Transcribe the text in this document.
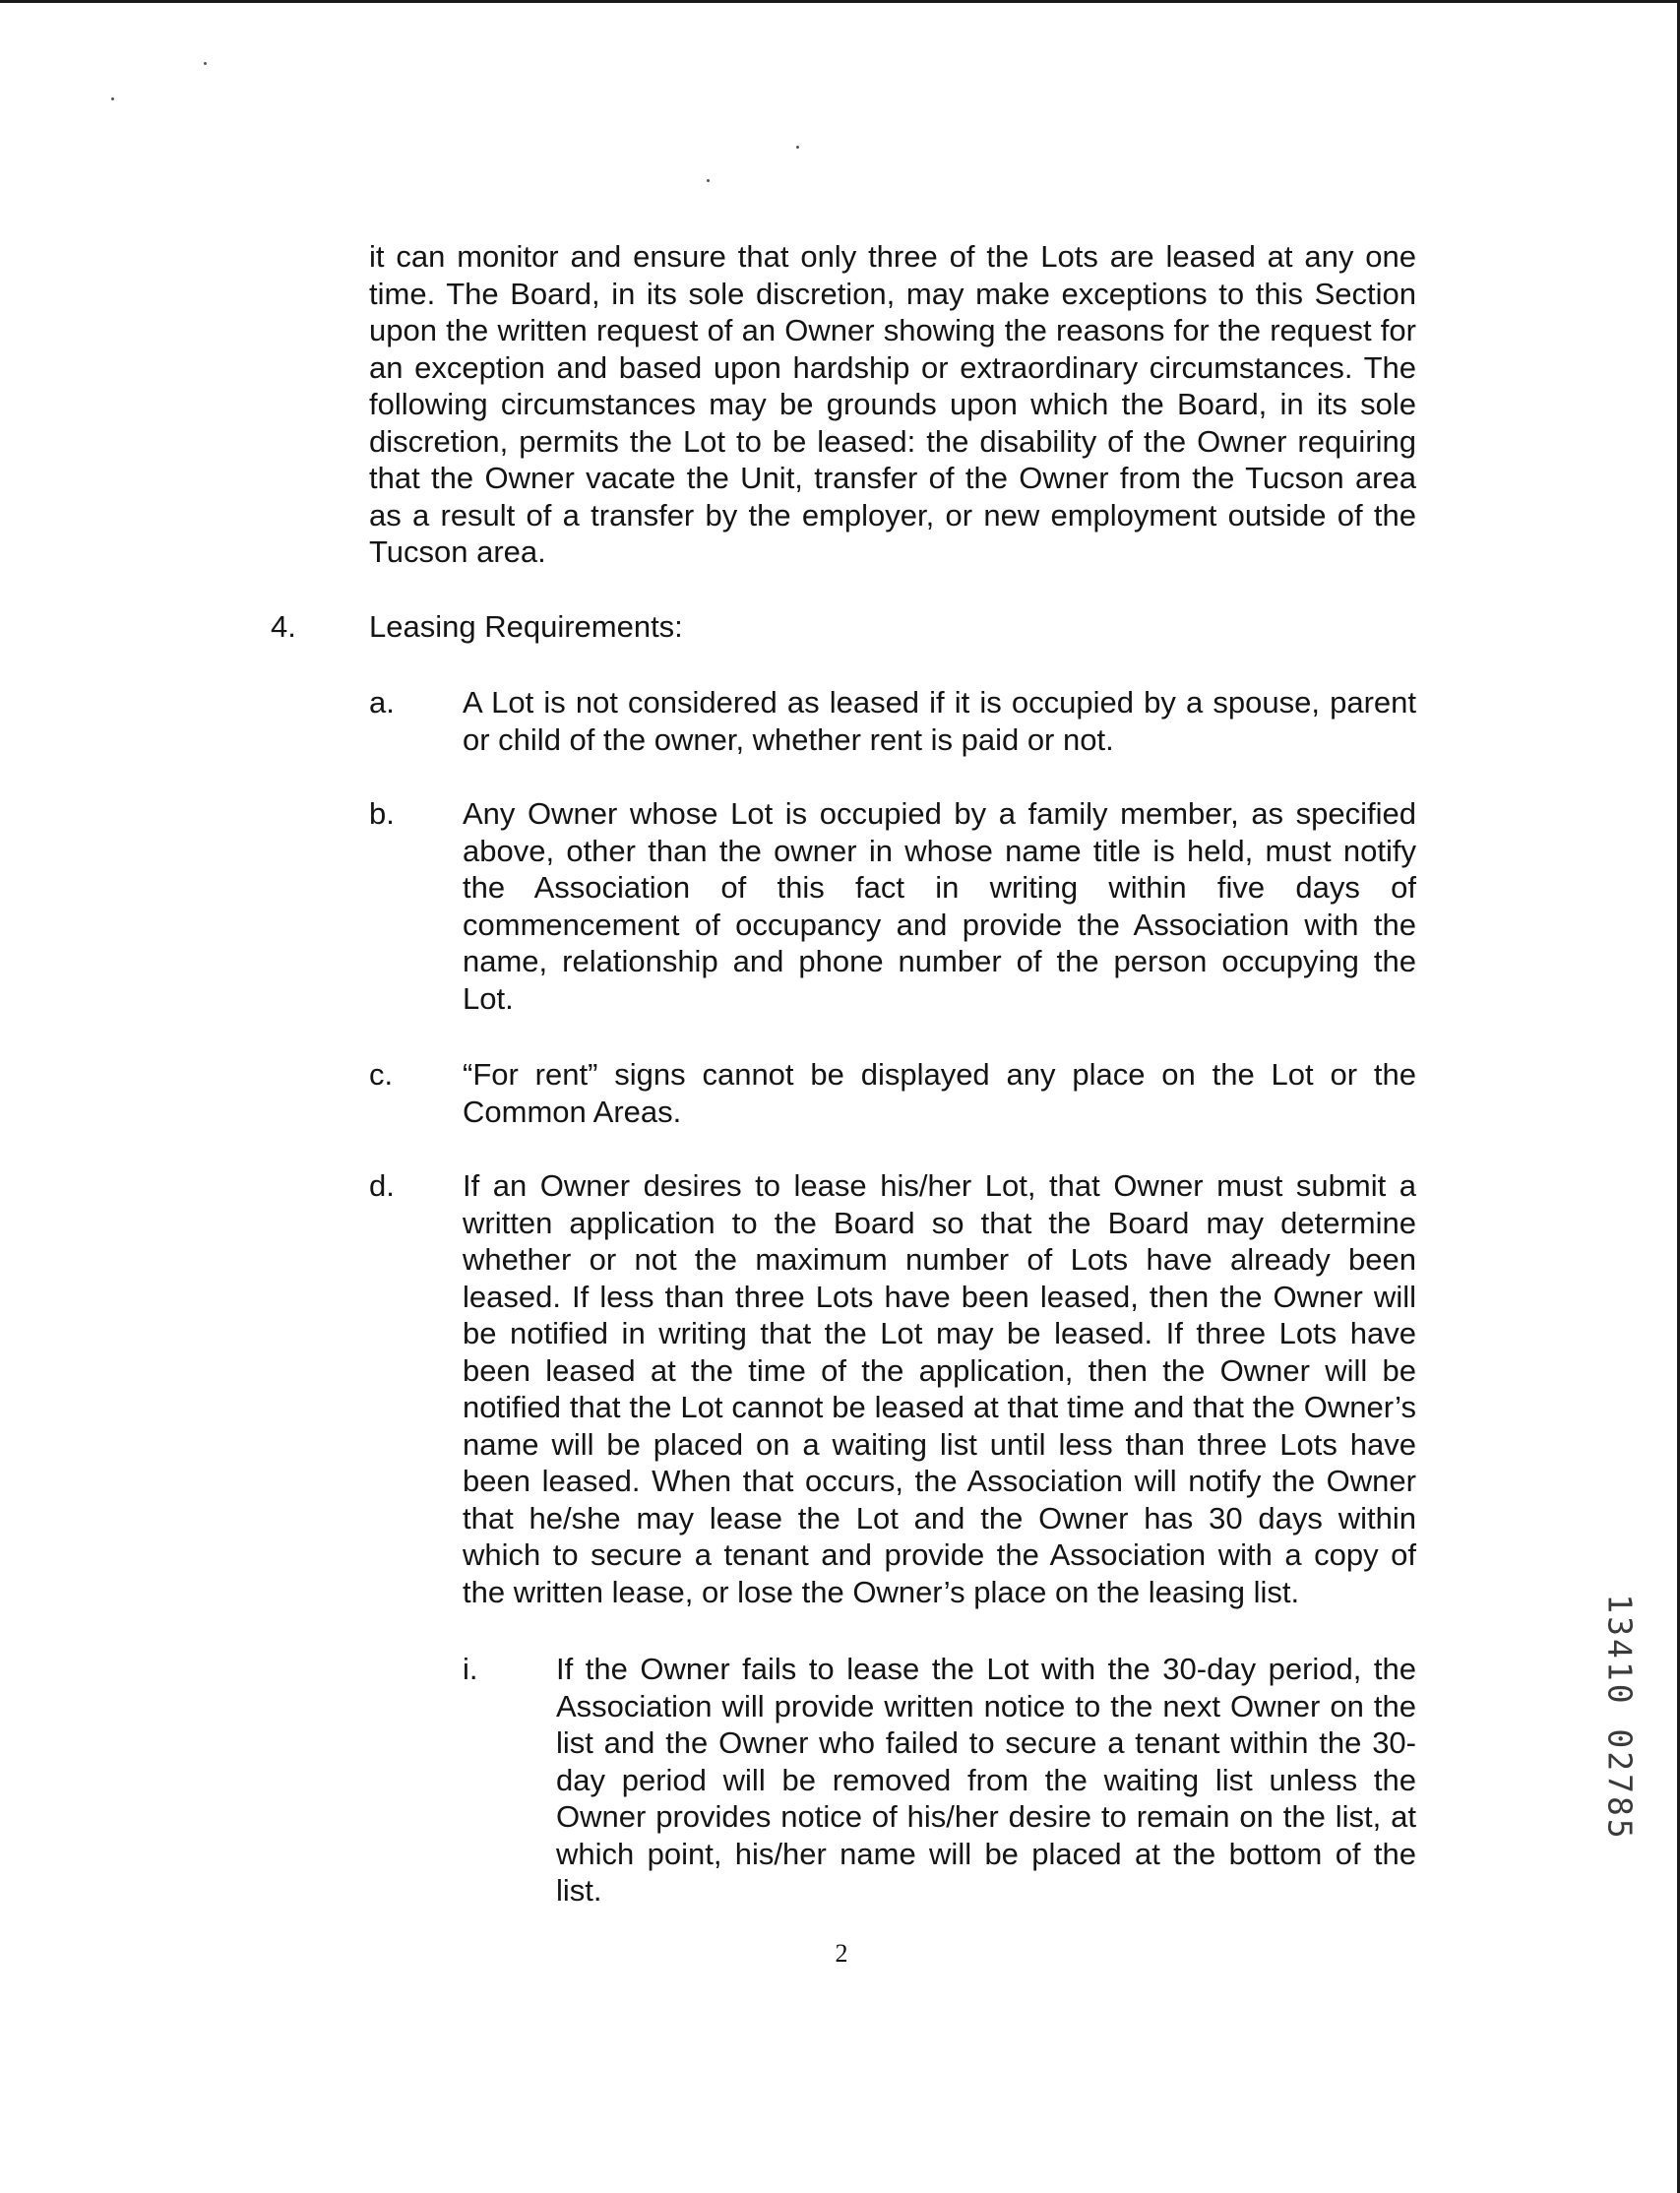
it can monitor and ensure that only three of the Lots are leased at any one time. The Board, in its sole discretion, may make exceptions to this Section upon the written request of an Owner showing the reasons for the request for an exception and based upon hardship or extraordinary circumstances. The following circumstances may be grounds upon which the Board, in its sole discretion, permits the Lot to be leased: the disability of the Owner requiring that the Owner vacate the Unit, transfer of the Owner from the Tucson area as a result of a transfer by the employer, or new employment outside of the Tucson area.

4. Leasing Requirements:
a. A Lot is not considered as leased if it is occupied by a spouse, parent or child of the owner, whether rent is paid or not.

b. Any Owner whose Lot is occupied by a family member, as specified above, other than the owner in whose name title is held, must notify the Association of this fact in writing within five days of commencement of occupancy and provide the Association with the name, relationship and phone number of the person occupying the Lot.

c. “For rent” signs cannot be displayed any place on the Lot or the Common Areas.

d. If an Owner desires to lease his/her Lot, that Owner must submit a written application to the Board so that the Board may determine whether or not the maximum number of Lots have already been leased. If less than three Lots have been leased, then the Owner will be notified in writing that the Lot may be leased. If three Lots have been leased at the time of the application, then the Owner will be notified that the Lot cannot be leased at that time and that the Owner’s name will be placed on a waiting list until less than three Lots have been leased. When that occurs, the Association will notify the Owner that he/she may lease the Lot and the Owner has 30 days within which to secure a tenant and provide the Association with a copy of the written lease, or lose the Owner’s place on the leasing list.

i.	If the Owner fails to lease the Lot with the 30-day period, the Association will provide written notice to the next Owner on the list and the Owner who failed to secure a tenant within the 30-day period will be removed from the waiting list unless the Owner provides notice of his/her desire to remain on the list, at which point, his/her name will be placed at the bottom of the list.

2
13410 02785
